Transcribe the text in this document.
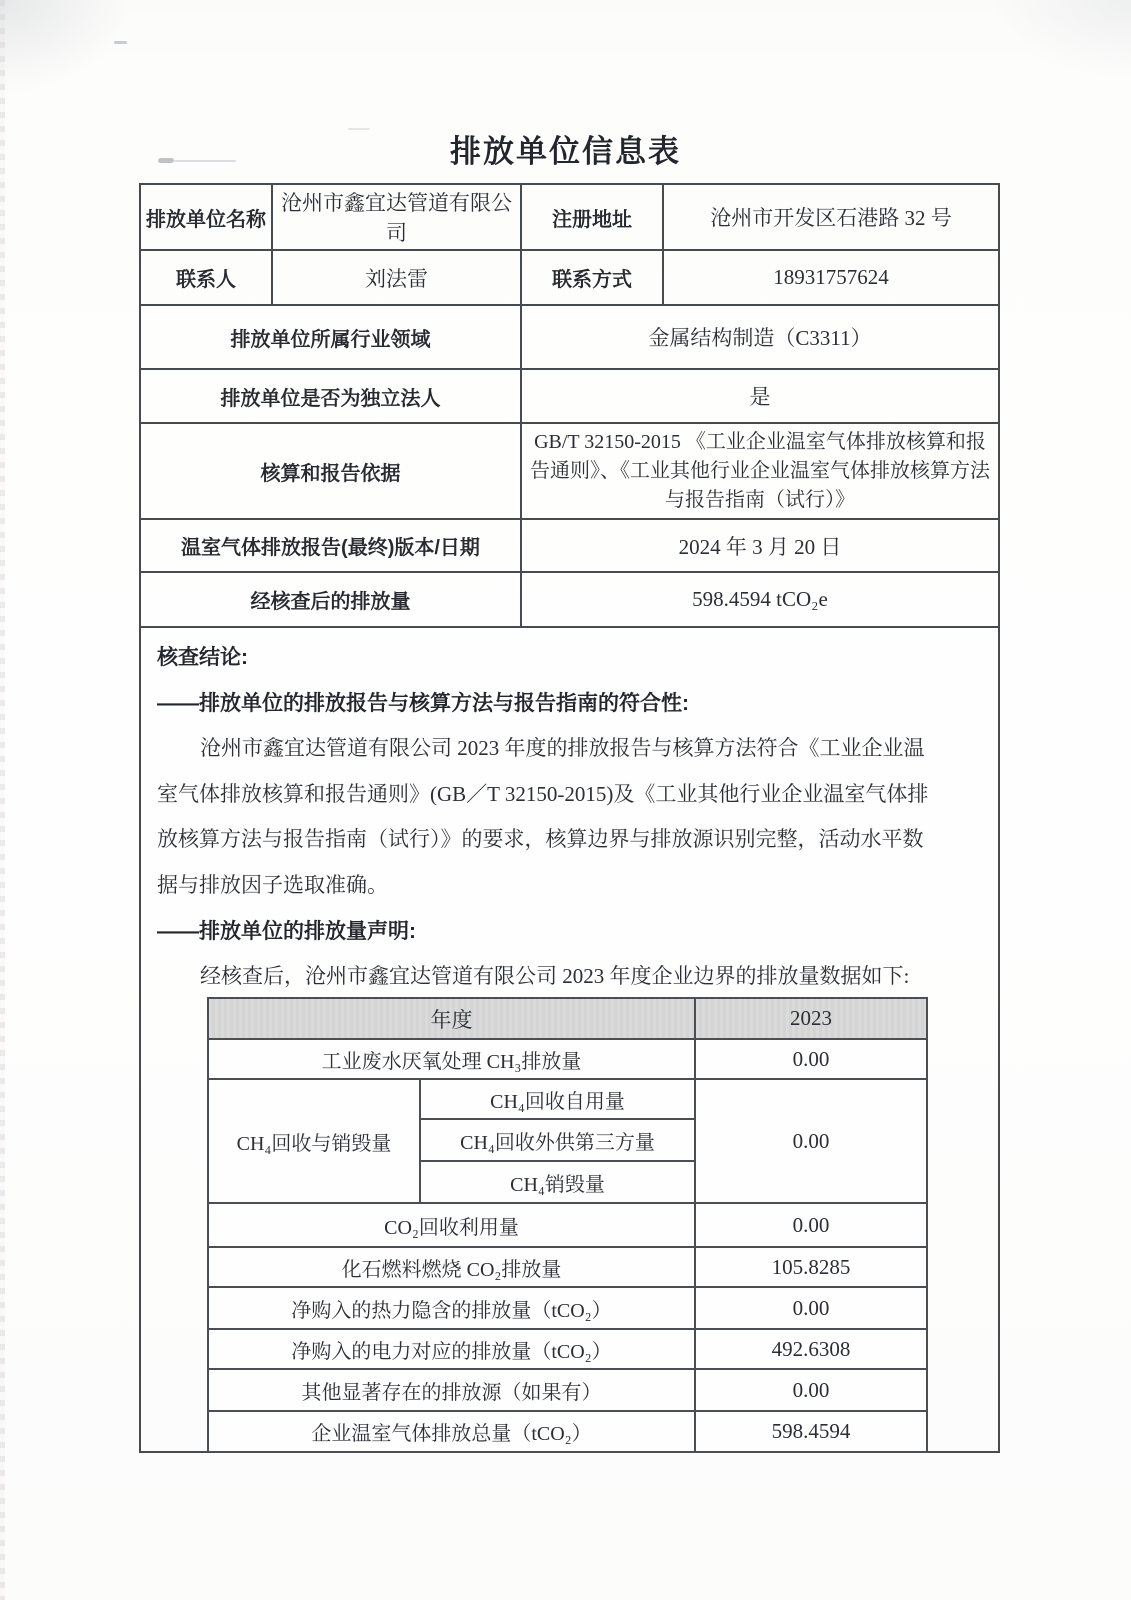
排放单位信息表
排放单位名称	沧州市鑫宜达管道有限公司	注册地址	沧州市开发区石港路 32 号
联系人	刘法雷	联系方式	18931757624
排放单位所属行业领域	金属结构制造（C3311）
排放单位是否为独立法人	是
核算和报告依据	GB/T 32150-2015 《工业企业温室气体排放核算和报告通则》、《工业其他行业企业温室气体排放核算方法与报告指南（试行）》
温室气体排放报告(最终)版本/日期	2024 年 3 月 20 日
经核查后的排放量	598.4594 tCO₂e

核查结论:
——排放单位的排放报告与核算方法与报告指南的符合性:
沧州市鑫宜达管道有限公司 2023 年度的排放报告与核算方法符合《工业企业温
室气体排放核算和报告通则》(GB／T 32150-2015)及《工业其他行业企业温室气体排
放核算方法与报告指南（试行）》的要求，核算边界与排放源识别完整，活动水平数
据与排放因子选取准确。
——排放单位的排放量声明:
经核查后，沧州市鑫宜达管道有限公司 2023 年度企业边界的排放量数据如下:
年度	2023
工业废水厌氧处理 CH₃排放量	0.00
CH₄回收与销毁量	CH₄回收自用量	0.00
CH₄回收外供第三方量
CH₄销毁量
CO₂回收利用量	0.00
化石燃料燃烧 CO₂排放量	105.8285
净购入的热力隐含的排放量（tCO₂）	0.00
净购入的电力对应的排放量（tCO₂）	492.6308
其他显著存在的排放源（如果有）	0.00
企业温室气体排放总量（tCO₂）	598.4594
